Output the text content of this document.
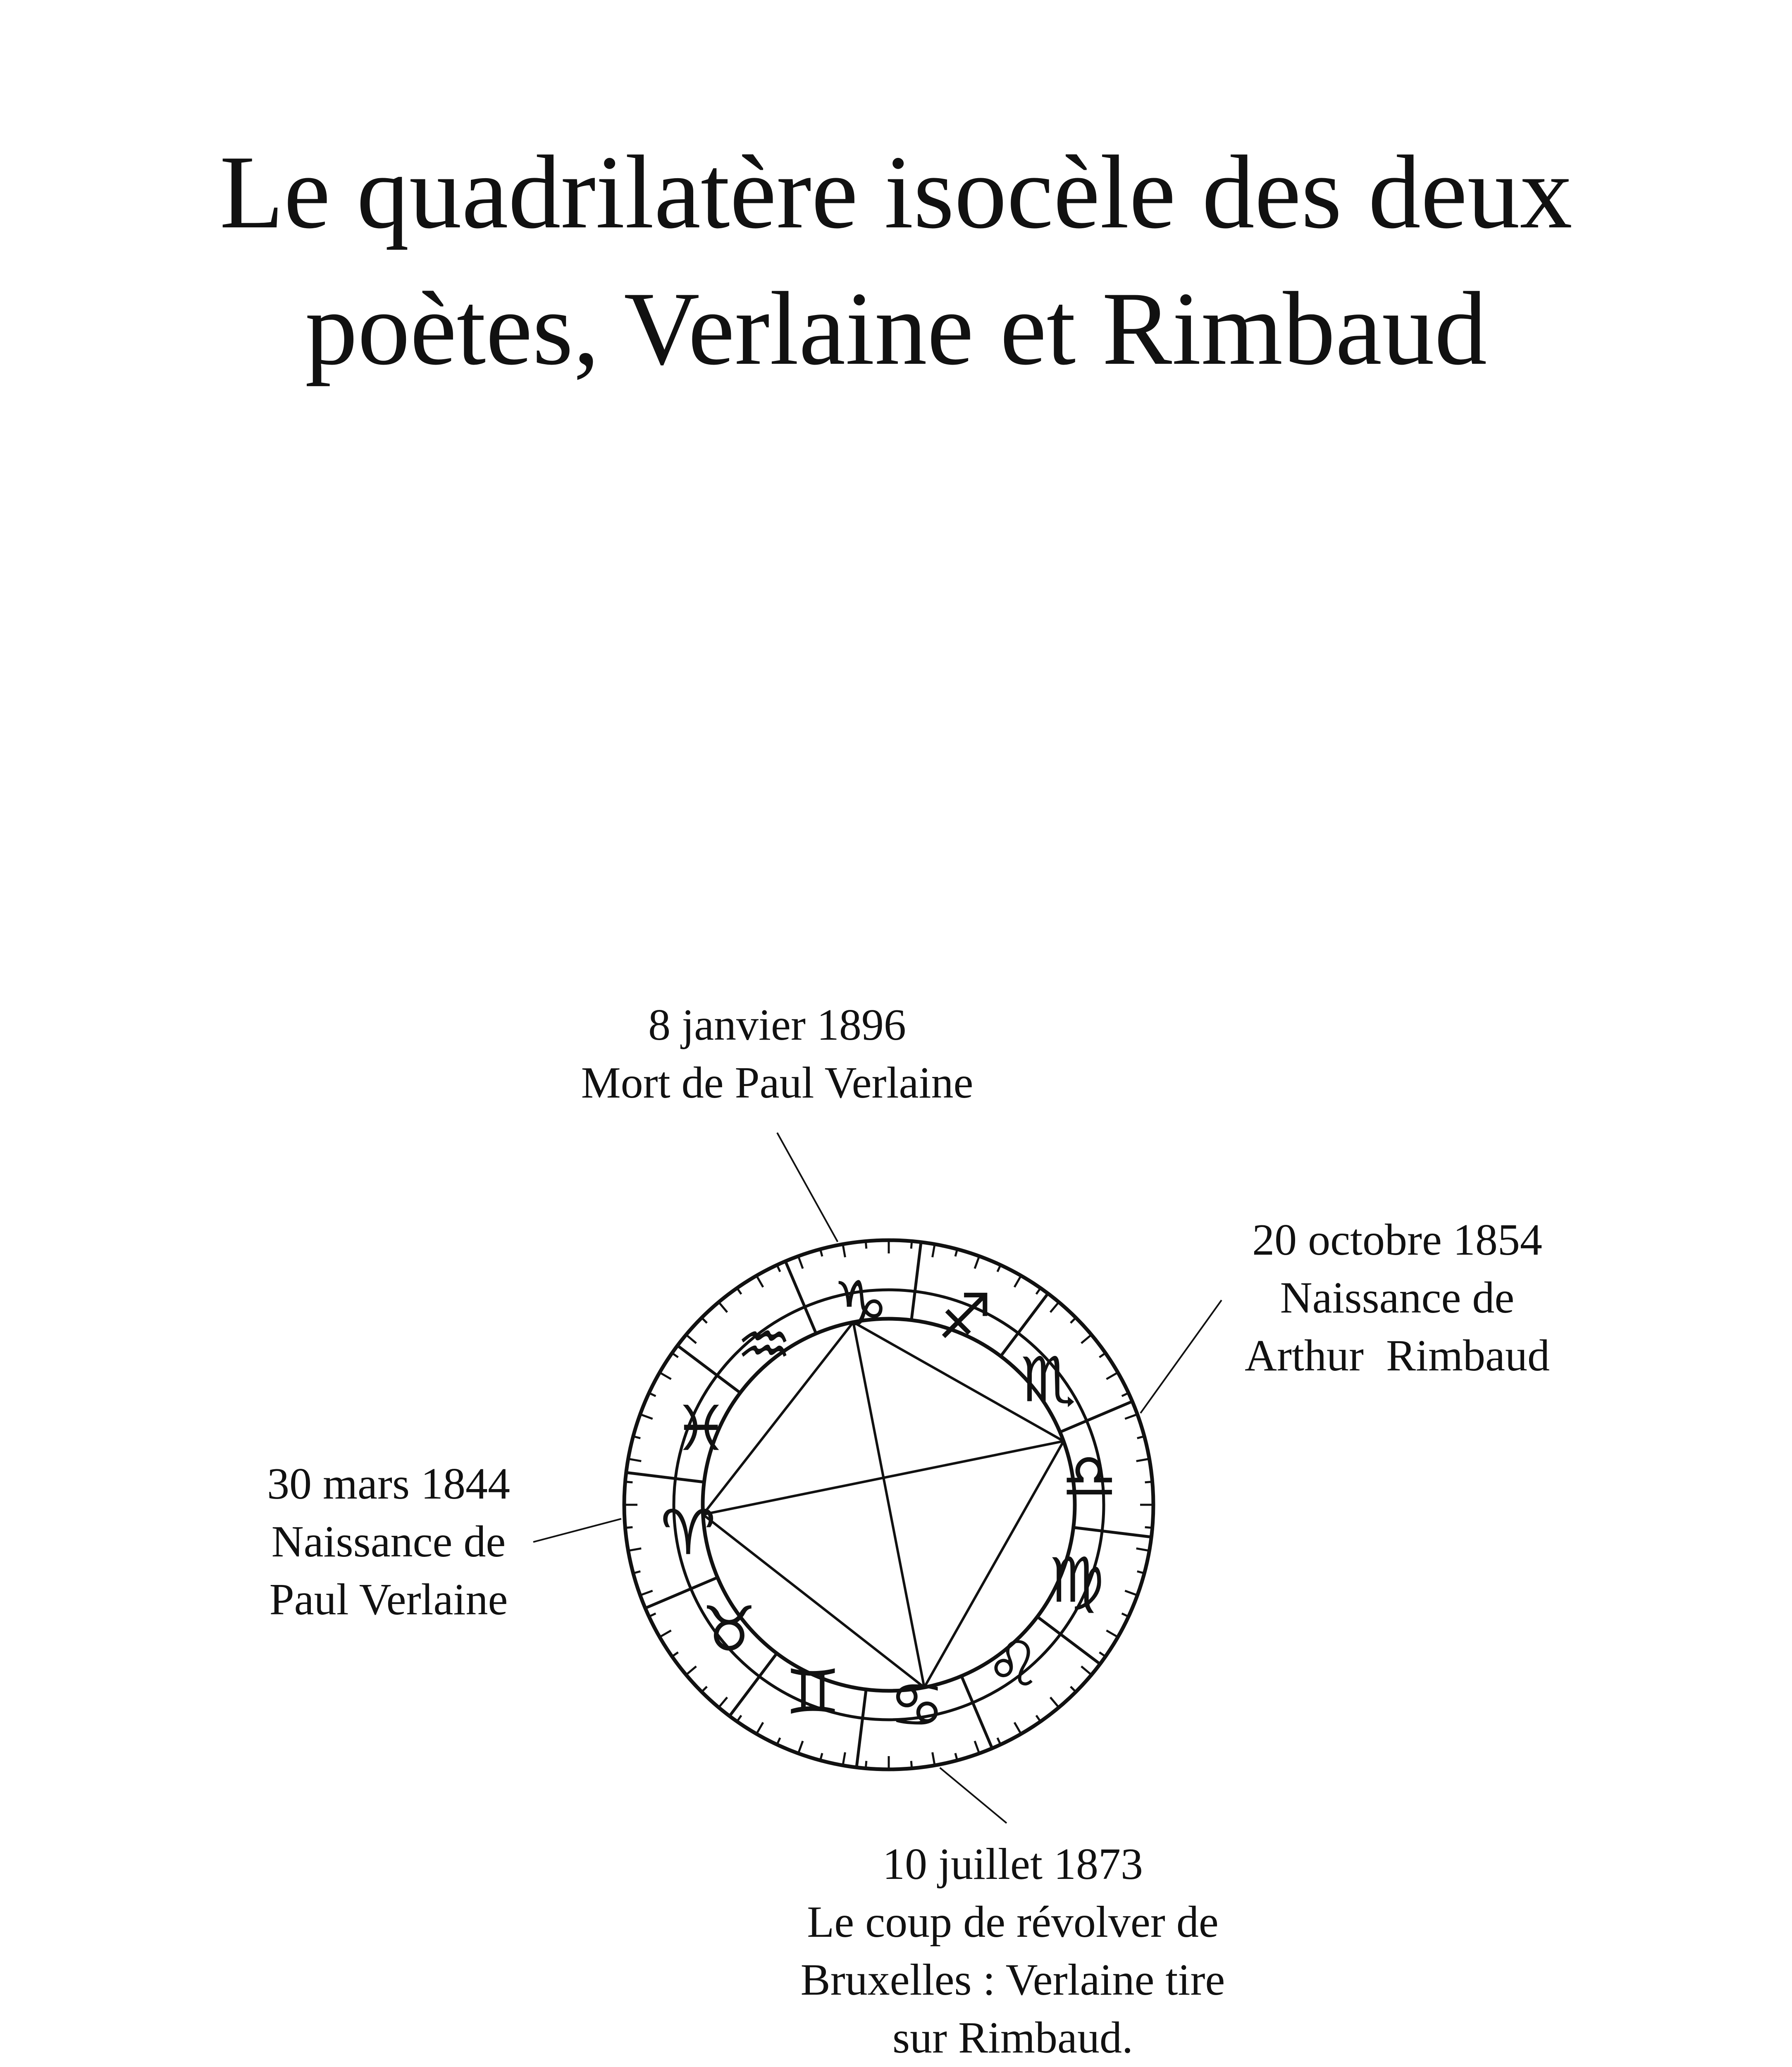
Le quadrilatère isocèle des deux
poètes, Verlaine et Rimbaud
♈
♉
♊ ♋
♌
♍
♎
♏
♐
♑
♒
♓
8 janvier 1896
Mort de Paul Verlaine
20 octobre 1854
Naissance de
Arthur  Rimbaud
30 mars 1844
Naissance de
Paul Verlaine
10 juillet 1873
Le coup de révolver de
Bruxelles : Verlaine tire
sur Rimbaud.
